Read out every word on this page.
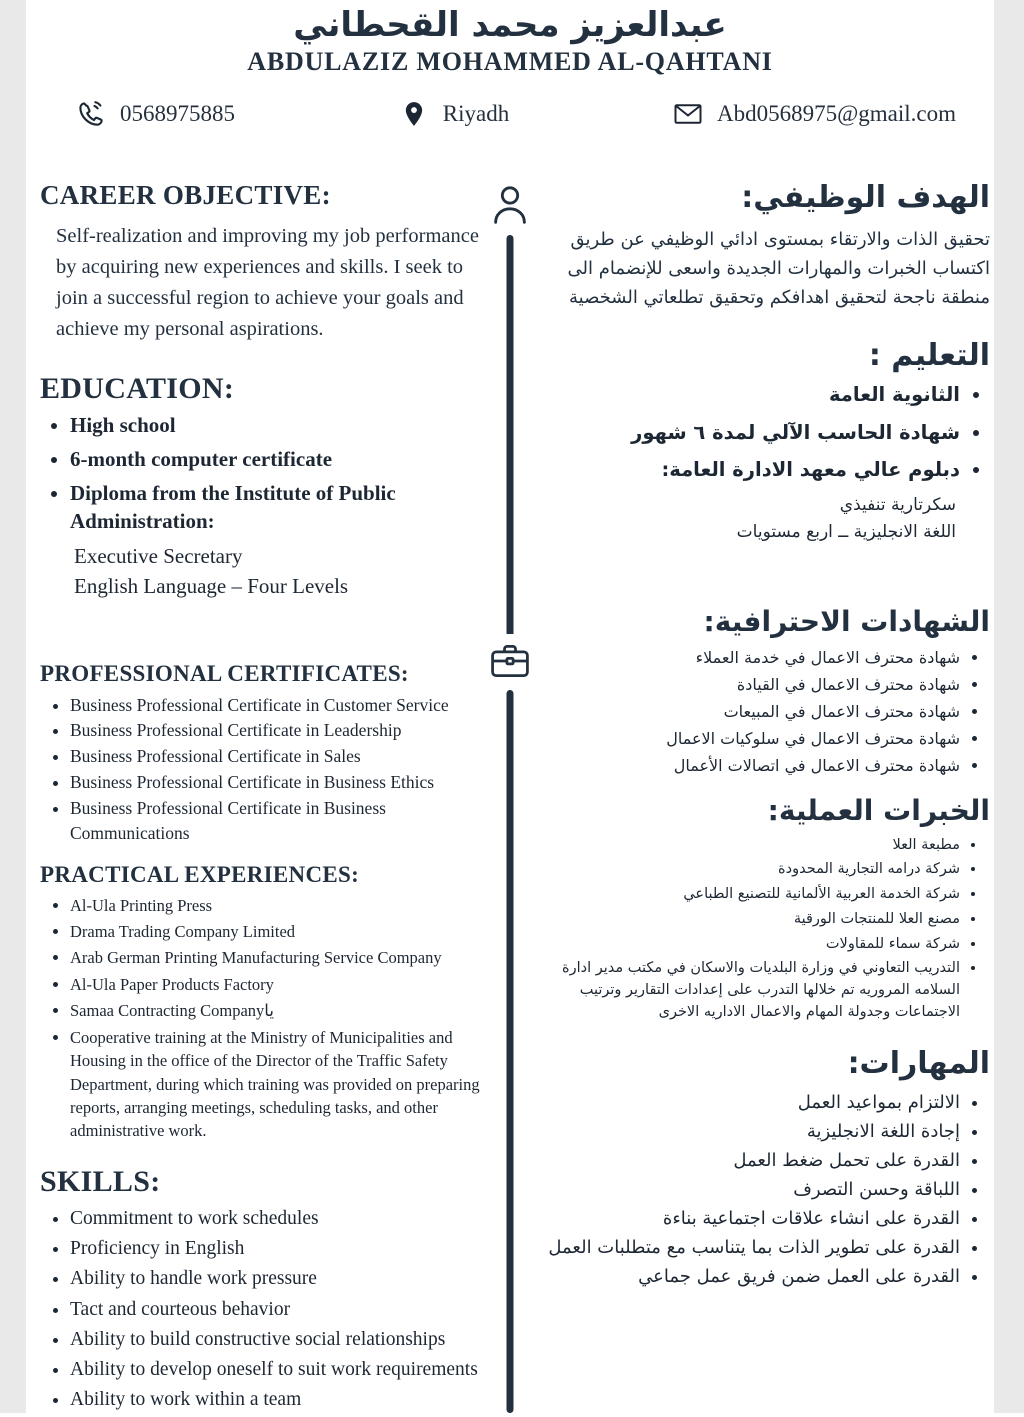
عبدالعزيز محمد القحطاني
ABDULAZIZ MOHAMMED AL-QAHTANI
0568975885	Riyadh	Abd0568975@gmail.com
CAREER OBJECTIVE:

Self-realization and improving my job performance by acquiring new experiences and skills. I seek to join a successful region to achieve your goals and achieve my personal aspirations.

EDUCATION:
• High school
• 6-month computer certificate
• Diploma from the Institute of Public Administration:
Executive Secretary
English Language – Four Levels
PROFESSIONAL CERTIFICATES:
• Business Professional Certificate in Customer Service
• Business Professional Certificate in Leadership
• Business Professional Certificate in Sales
• Business Professional Certificate in Business Ethics
• Business Professional Certificate in Business Communications
PRACTICAL EXPERIENCES:
• Al-Ula Printing Press
• Drama Trading Company Limited
• Arab German Printing Manufacturing Service Company
• Al-Ula Paper Products Factory
• Samaa Contracting Companyيا
• Cooperative training at the Ministry of Municipalities and Housing in the office of the Director of the Traffic Safety Department, during which training was provided on preparing reports, arranging meetings, scheduling tasks, and other administrative work.
SKILLS:
• Commitment to work schedules
• Proficiency in English
• Ability to handle work pressure
• Tact and courteous behavior
• Ability to build constructive social relationships
• Ability to develop oneself to suit work requirements
• Ability to work within a team
الهدف الوظيفي:

تحقيق الذات والارتقاء بمستوى ادائي الوظيفي عن طريق اكتساب الخبرات والمهارات الجديدة واسعى للإنضمام الى منطقة ناجحة لتحقيق اهدافكم وتحقيق تطلعاتي الشخصية

التعليم :
• الثانوية العامة
• شهادة الحاسب الآلي لمدة ٦ شهور
• دبلوم عالي معهد الادارة العامة:
سكرتارية تنفيذي
اللغة الانجليزية ــ اربع مستويات
الشهادات الاحترافية:
• شهادة محترف الاعمال في خدمة العملاء
• شهادة محترف الاعمال في القيادة
• شهادة محترف الاعمال في المبيعات
• شهادة محترف الاعمال في سلوكيات الاعمال
• شهادة محترف الاعمال في اتصالات الأعمال
الخبرات العملية:
• مطبعة العلا
• شركة درامه التجارية المحدودة
• شركة الخدمة العربية الألمانية للتصنيع الطباعي
• مصنع العلا للمنتجات الورقية
• شركة سماء للمقاولات
• التدريب التعاوني في وزارة البلديات والاسكان في مكتب مدير ادارة السلامه المروريه تم خلالها التدرب على إعدادات التقارير وترتيب الاجتماعات وجدولة المهام والاعمال الاداريه الاخرى
المهارات:
• الالتزام بمواعيد العمل
• إجادة اللغة الانجليزية
• القدرة على تحمل ضغط العمل
• اللباقة وحسن التصرف
• القدرة على انشاء علاقات اجتماعية بناءة
• القدرة على تطوير الذات بما يتناسب مع متطلبات العمل
• القدرة على العمل ضمن فريق عمل جماعي
